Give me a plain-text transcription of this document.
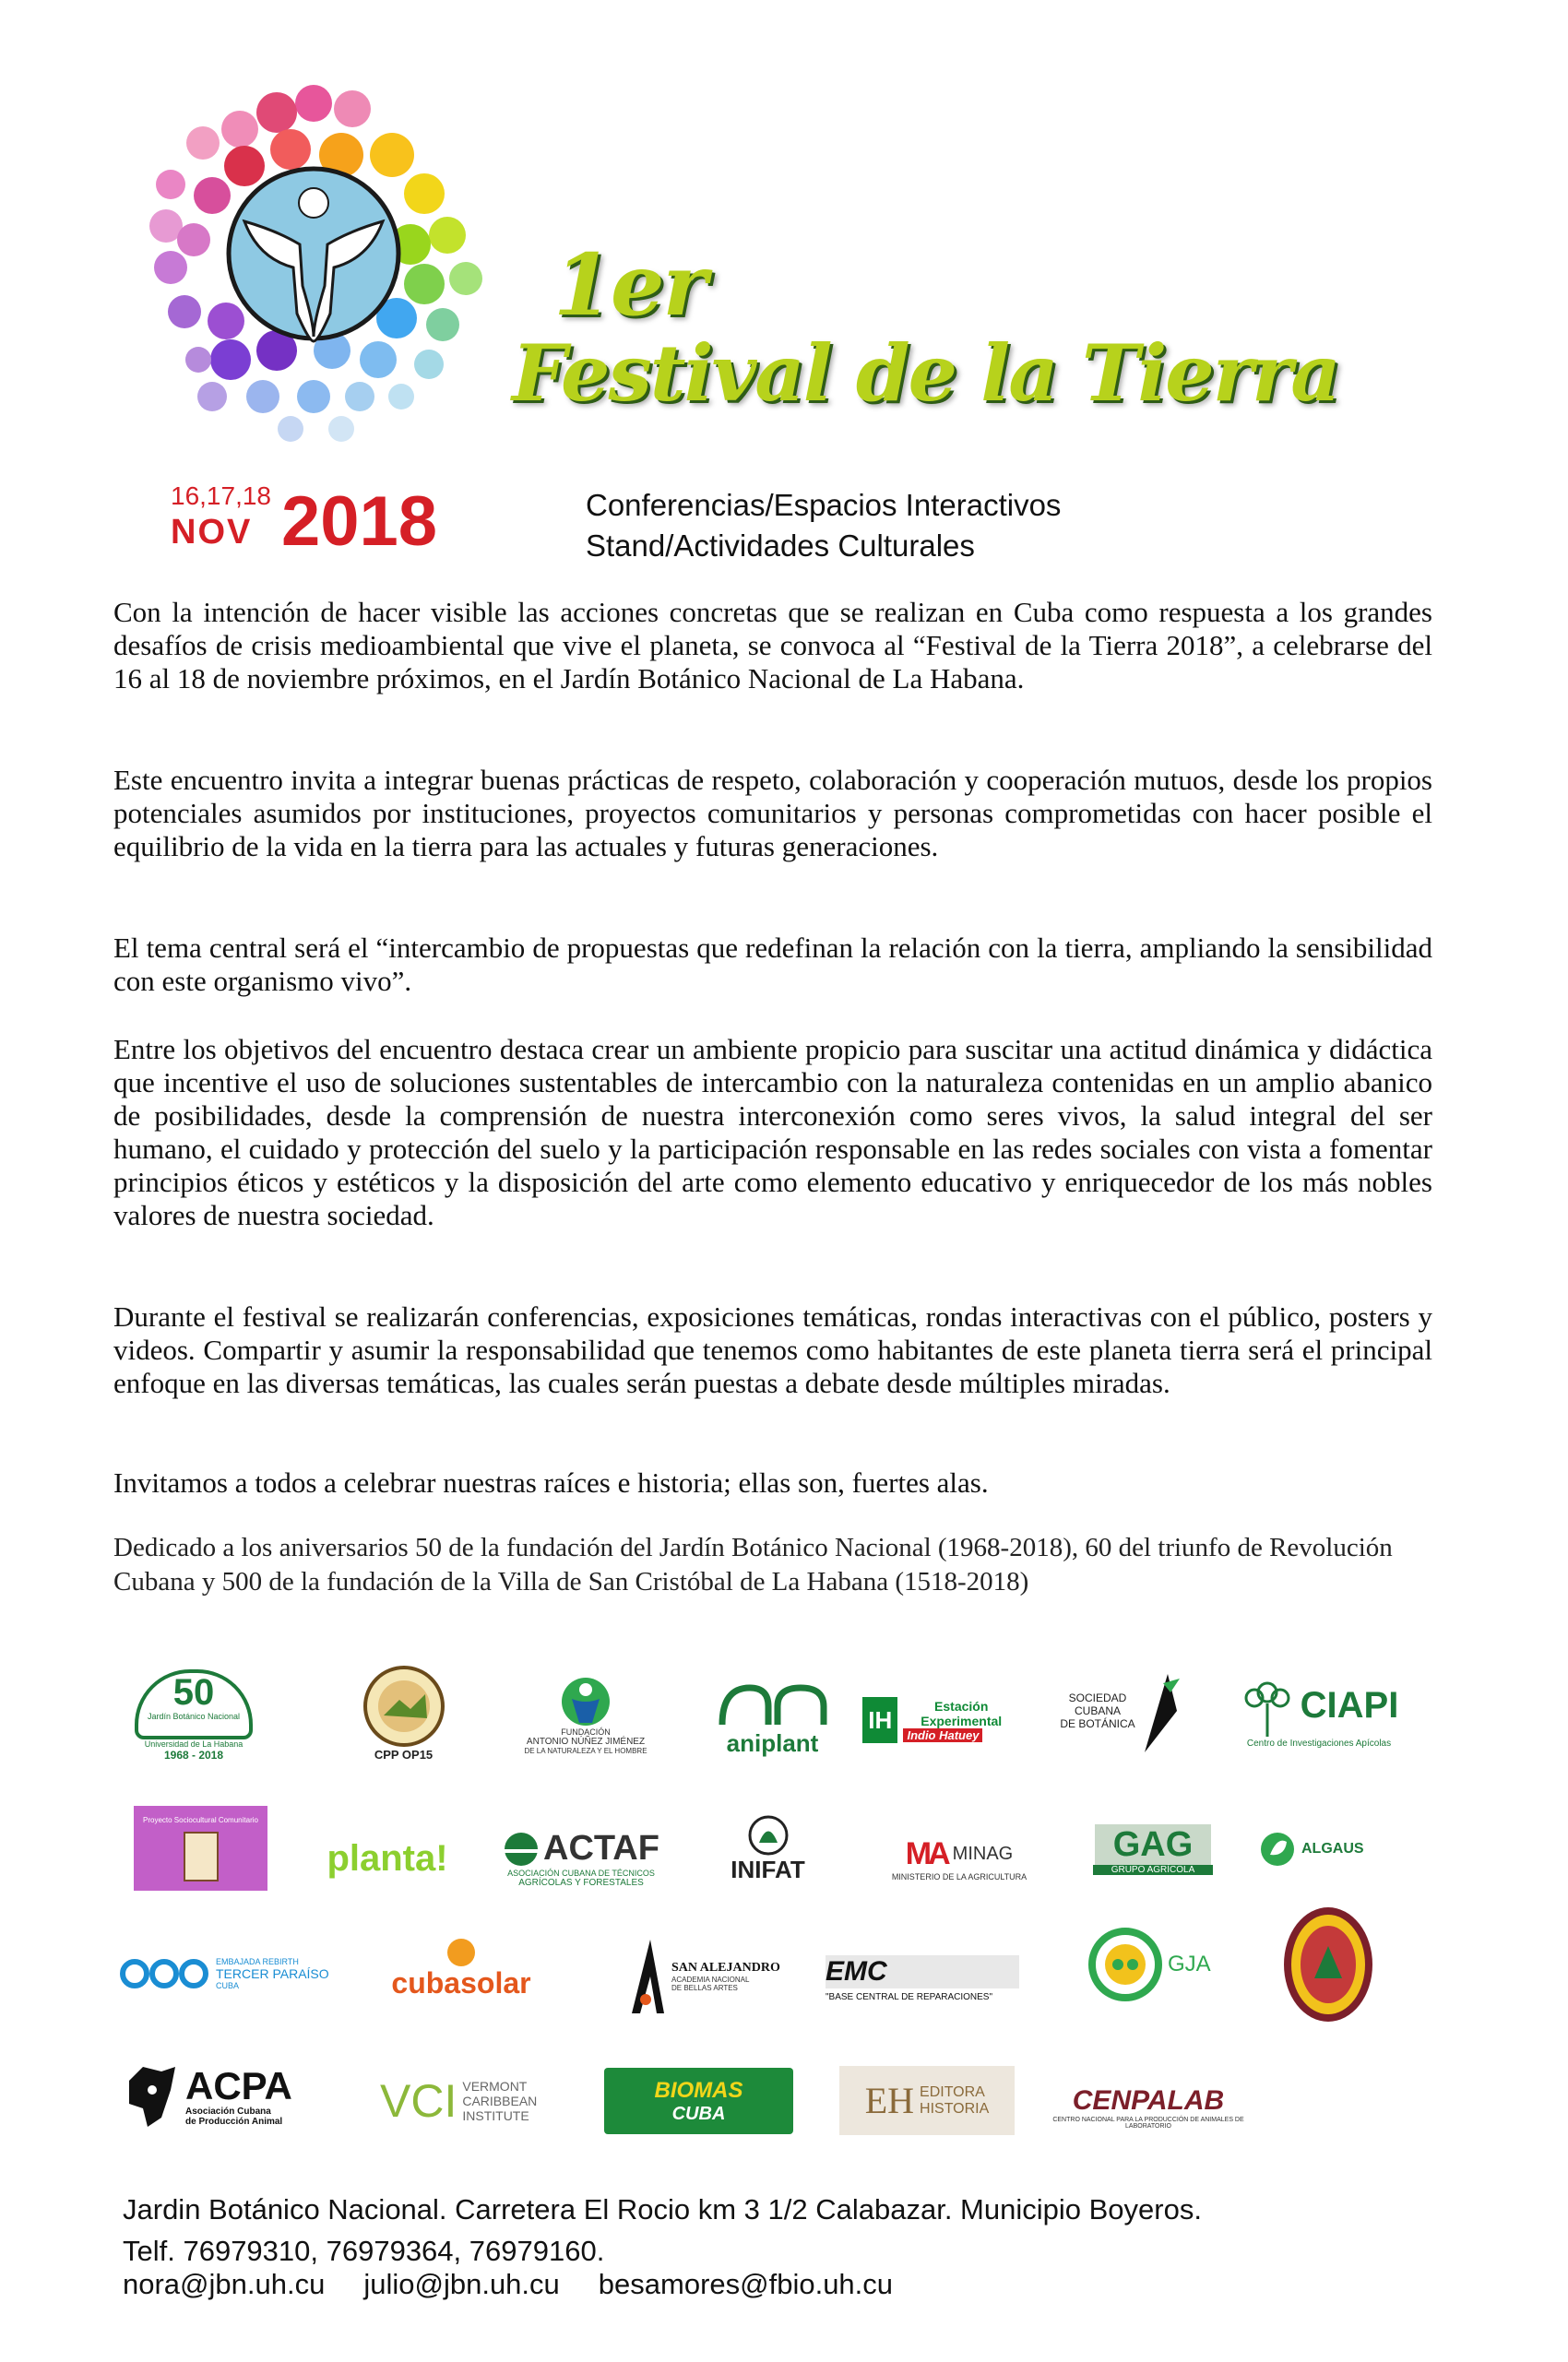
1er
Festival de la Tierra
16,17,18
NOV 2018	Conferencias/Espacios Interactivos
Stand/Actividades Culturales

Con la intención de hacer visible las acciones concretas que se realizan en Cuba como respuesta a los grandes desafíos de crisis medioambiental que vive el planeta, se convoca al “Festival de la Tierra 2018”, a celebrarse del 16 al 18 de noviembre próximos, en el Jardín Botánico Nacional de La Habana.

Este encuentro invita a integrar buenas prácticas de respeto, colaboración y cooperación mutuos, desde los propios potenciales asumidos por instituciones, proyectos comunitarios y personas comprometidas con hacer posible el equilibrio de la vida en la tierra para las actuales y futuras generaciones.

El tema central será el “intercambio de propuestas que redefinan la relación con la tierra, ampliando la sensibilidad con este organismo vivo”.

Entre los objetivos del encuentro destaca crear un ambiente propicio para suscitar una actitud dinámica y didáctica que incentive el uso de soluciones sustentables de intercambio con la naturaleza contenidas en un amplio abanico de posibilidades, desde la comprensión de nuestra interconexión como seres vivos, la salud integral del ser humano, el cuidado y protección del suelo y la participación responsable en las redes sociales con vista a fomentar principios éticos y estéticos y la disposición del arte como elemento educativo y enriquecedor de los más nobles valores de nuestra sociedad.

Durante el festival se realizarán conferencias, exposiciones temáticas, rondas interactivas con el público, posters y videos. Compartir y asumir la responsabilidad que tenemos como habitantes de este planeta tierra será el principal enfoque en las diversas temáticas, las cuales serán puestas a debate desde múltiples miradas.

Invitamos a todos a celebrar nuestras raíces e historia; ellas son, fuertes alas.

Dedicado a los aniversarios 50 de la fundación del Jardín Botánico Nacional (1968-2018), 60 del triunfo de Revolución Cubana y 500 de la fundación de la Villa de San Cristóbal de La Habana (1518-2018)

50
Jardín Botánico Nacional
Universidad de La Habana
1968 - 2018	CPP OP15
FUNDACIÓN
ANTONIO NÚÑEZ JIMÉNEZ
DE LA NATURALEZA Y EL HOMBRE	aniplant
IH	Estación Experimental
Indio Hatuey
SOCIEDAD
CUBANA
DE BOTÁNICA	CIAPI
Centro de Investigaciones Apícolas
Proyecto Sociocultural Comunitario
planta!	ACTAF
ASOCIACIÓN CUBANA DE TÉCNICOS
AGRÍCOLAS Y FORESTALES	INIFAT	MA MINAG
MINISTERIO DE LA AGRICULTURA
GAG
GRUPO AGRÍCOLA
ALGAUS
EMBAJADA REBIRTH
TERCER PARAÍSO
CUBA	cubasolar	SAN ALEJANDRO
ACADEMIA NACIONAL
DE BELLAS ARTES
EMC
"BASE CENTRAL DE REPARACIONES"
GJA
ACPA
Asociación Cubana
de Producción Animal VCI VERMONT
CARIBBEAN
INSTITUTE
BIOMAS
CUBA	EH EDITORA
HISTORIA	CENPALAB
CENTRO NACIONAL PARA LA PRODUCCIÓN DE ANIMALES DE LABORATORIO
Jardin Botánico Nacional. Carretera El Rocio km 3 1/2 Calabazar. Municipio Boyeros.
Telf. 76979310, 76979364, 76979160.
nora@jbn.uh.cu julio@jbn.uh.cu besamores@fbio.uh.cu
